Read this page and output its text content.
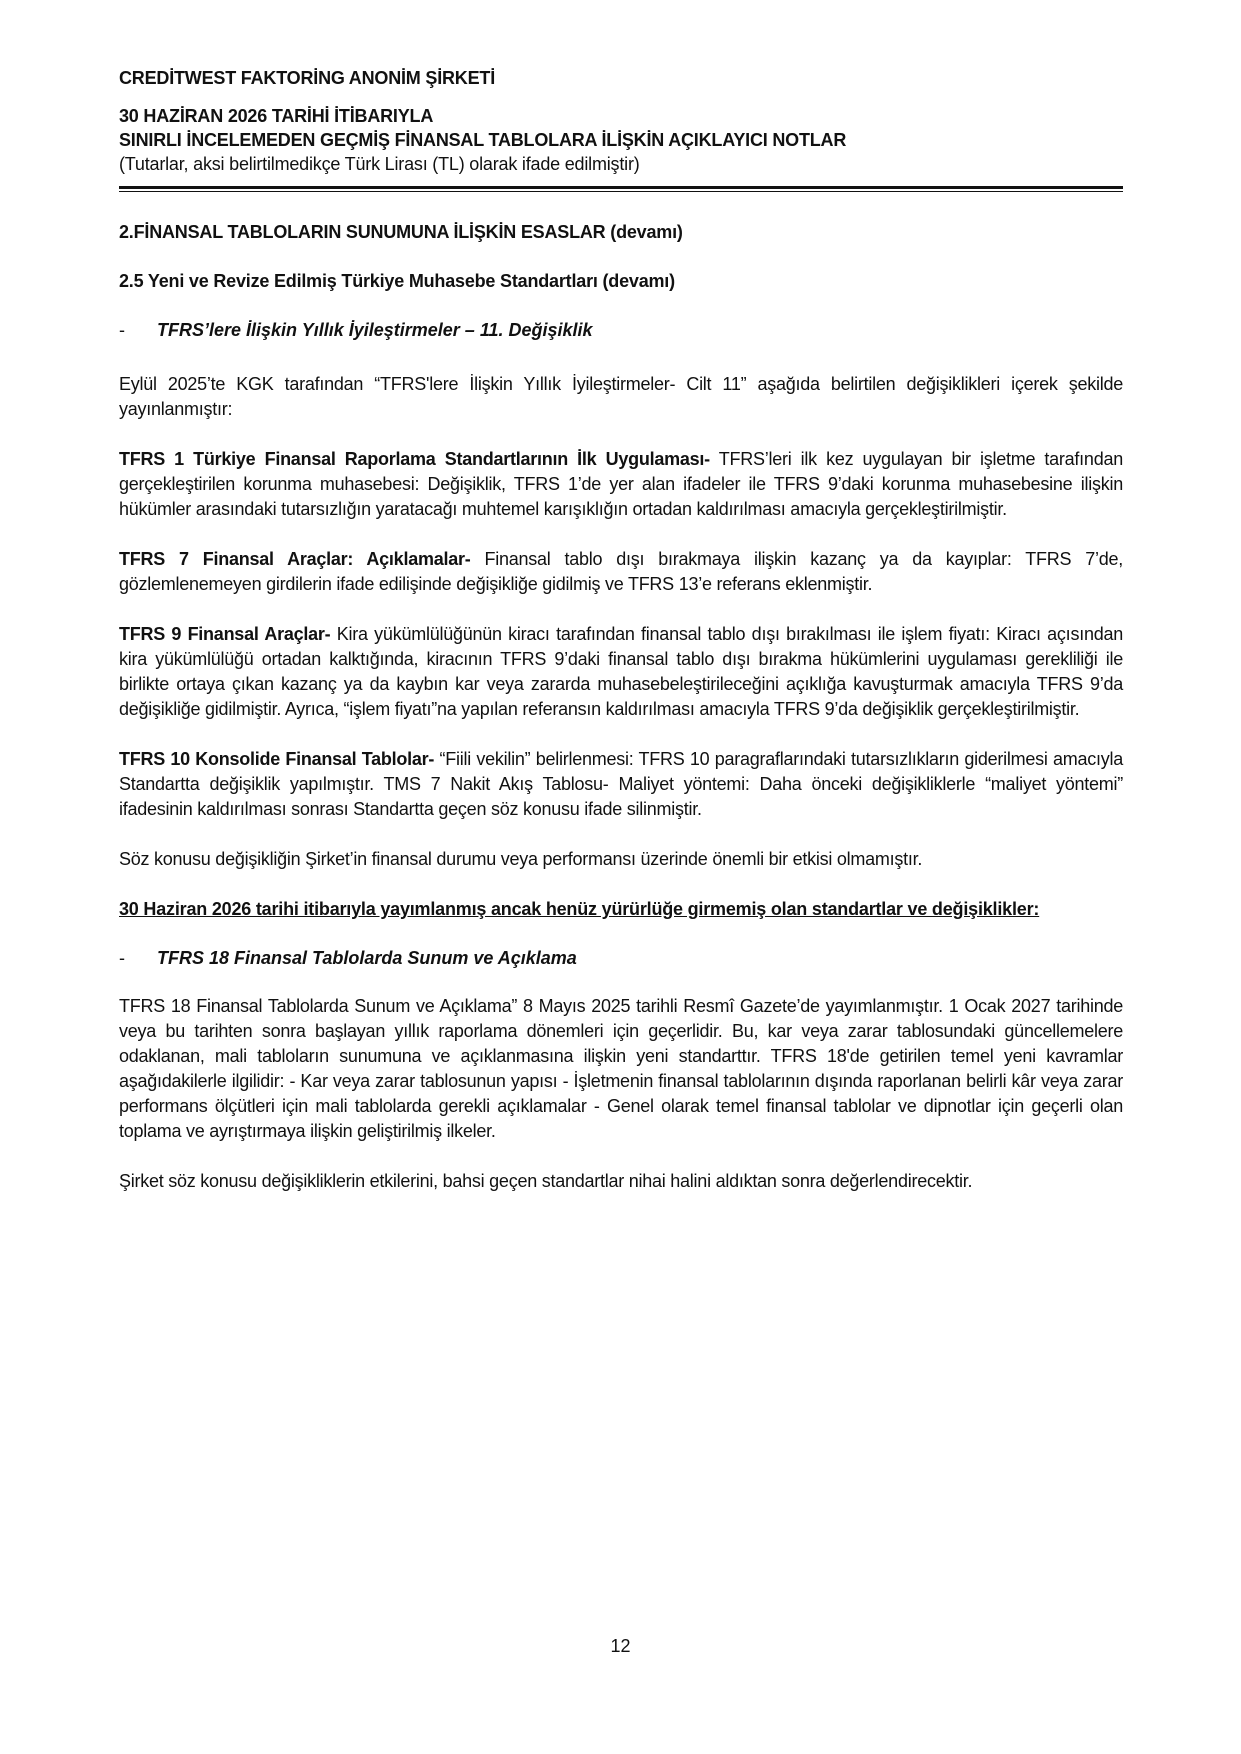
CREDİTWEST FAKTORİNG ANONİM ŞİRKETİ
30 HAZİRAN 2026 TARİHİ İTİBARIYLA
SINIRLI İNCELEMEDEN GEÇMİŞ FİNANSAL TABLOLARA İLİŞKİN AÇIKLAYICI NOTLAR
(Tutarlar, aksi belirtilmedikçe Türk Lirası (TL) olarak ifade edilmiştir)
2.FİNANSAL TABLOLARIN SUNUMUNA İLİŞKİN ESASLAR (devamı)
2.5 Yeni ve Revize Edilmiş Türkiye Muhasebe Standartları (devamı)
-	TFRS’lere İlişkin Yıllık İyileştirmeler – 11. Değişiklik

Eylül 2025’te KGK tarafından “TFRS'lere İlişkin Yıllık İyileştirmeler- Cilt 11” aşağıda belirtilen değişiklikleri içerek şekilde yayınlanmıştır:

TFRS 1 Türkiye Finansal Raporlama Standartlarının İlk Uygulaması- TFRS’leri ilk kez uygulayan bir işletme tarafından gerçekleştirilen korunma muhasebesi: Değişiklik, TFRS 1’de yer alan ifadeler ile TFRS 9’daki korunma muhasebesine ilişkin hükümler arasındaki tutarsızlığın yaratacağı muhtemel karışıklığın ortadan kaldırılması amacıyla gerçekleştirilmiştir.

TFRS 7 Finansal Araçlar: Açıklamalar- Finansal tablo dışı bırakmaya ilişkin kazanç ya da kayıplar: TFRS 7’de, gözlemlenemeyen girdilerin ifade edilişinde değişikliğe gidilmiş ve TFRS 13’e referans eklenmiştir.

TFRS 9 Finansal Araçlar- Kira yükümlülüğünün kiracı tarafından finansal tablo dışı bırakılması ile işlem fiyatı: Kiracı açısından kira yükümlülüğü ortadan kalktığında, kiracının TFRS 9’daki finansal tablo dışı bırakma hükümlerini uygulaması gerekliliği ile birlikte ortaya çıkan kazanç ya da kaybın kar veya zararda muhasebeleştirileceğini açıklığa kavuşturmak amacıyla TFRS 9’da değişikliğe gidilmiştir. Ayrıca, “işlem fiyatı”na yapılan referansın kaldırılması amacıyla TFRS 9’da değişiklik gerçekleştirilmiştir.

TFRS 10 Konsolide Finansal Tablolar- “Fiili vekilin” belirlenmesi: TFRS 10 paragraflarındaki tutarsızlıkların giderilmesi amacıyla Standartta değişiklik yapılmıştır. TMS 7 Nakit Akış Tablosu- Maliyet yöntemi: Daha önceki değişikliklerle “maliyet yöntemi” ifadesinin kaldırılması sonrası Standartta geçen söz konusu ifade silinmiştir.

Söz konusu değişikliğin Şirket’in finansal durumu veya performansı üzerinde önemli bir etkisi olmamıştır.

30 Haziran 2026 tarihi itibarıyla yayımlanmış ancak henüz yürürlüğe girmemiş olan standartlar ve değişiklikler:
-	TFRS 18 Finansal Tablolarda Sunum ve Açıklama

TFRS 18 Finansal Tablolarda Sunum ve Açıklama” 8 Mayıs 2025 tarihli Resmî Gazete’de yayımlanmıştır. 1 Ocak 2027 tarihinde veya bu tarihten sonra başlayan yıllık raporlama dönemleri için geçerlidir. Bu, kar veya zarar tablosundaki güncellemelere odaklanan, mali tabloların sunumuna ve açıklanmasına ilişkin yeni standarttır. TFRS 18'de getirilen temel yeni kavramlar aşağıdakilerle ilgilidir: - Kar veya zarar tablosunun yapısı - İşletmenin finansal tablolarının dışında raporlanan belirli kâr veya zarar performans ölçütleri için mali tablolarda gerekli açıklamalar - Genel olarak temel finansal tablolar ve dipnotlar için geçerli olan toplama ve ayrıştırmaya ilişkin geliştirilmiş ilkeler.

Şirket söz konusu değişikliklerin etkilerini, bahsi geçen standartlar nihai halini aldıktan sonra değerlendirecektir.

12
